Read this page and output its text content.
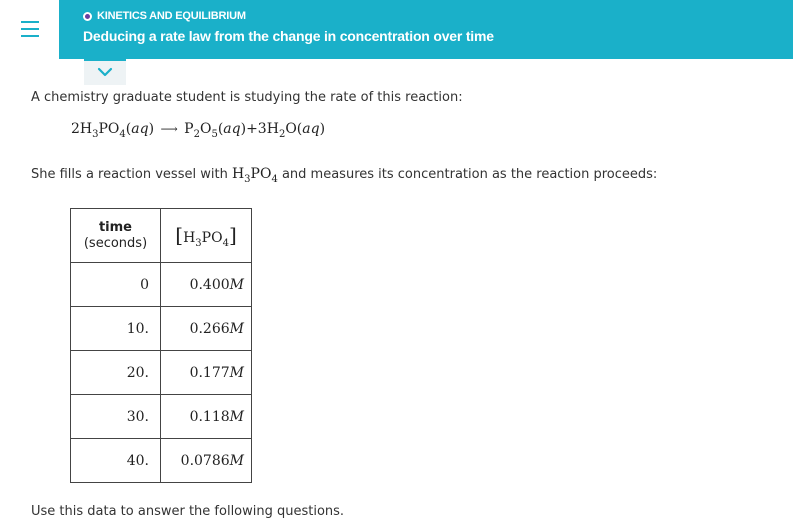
KINETICS AND EQUILIBRIUM
Deducing a rate law from the change in concentration over time
A chemistry graduate student is studying the rate of this reaction:
$2H_3PO_4(aq)$ ⟶ $P_2O_5(aq)+3H_2O(aq)$
She fills a reaction vessel with $H_3PO_4$ and measures its concentration as the reaction proceeds:
time
(seconds)	$[H_3PO_4]$
0	0.400M
10.	0.266M
20.	0.177M
30.	0.118M
40.	0.0786M
Use this data to answer the following questions.
